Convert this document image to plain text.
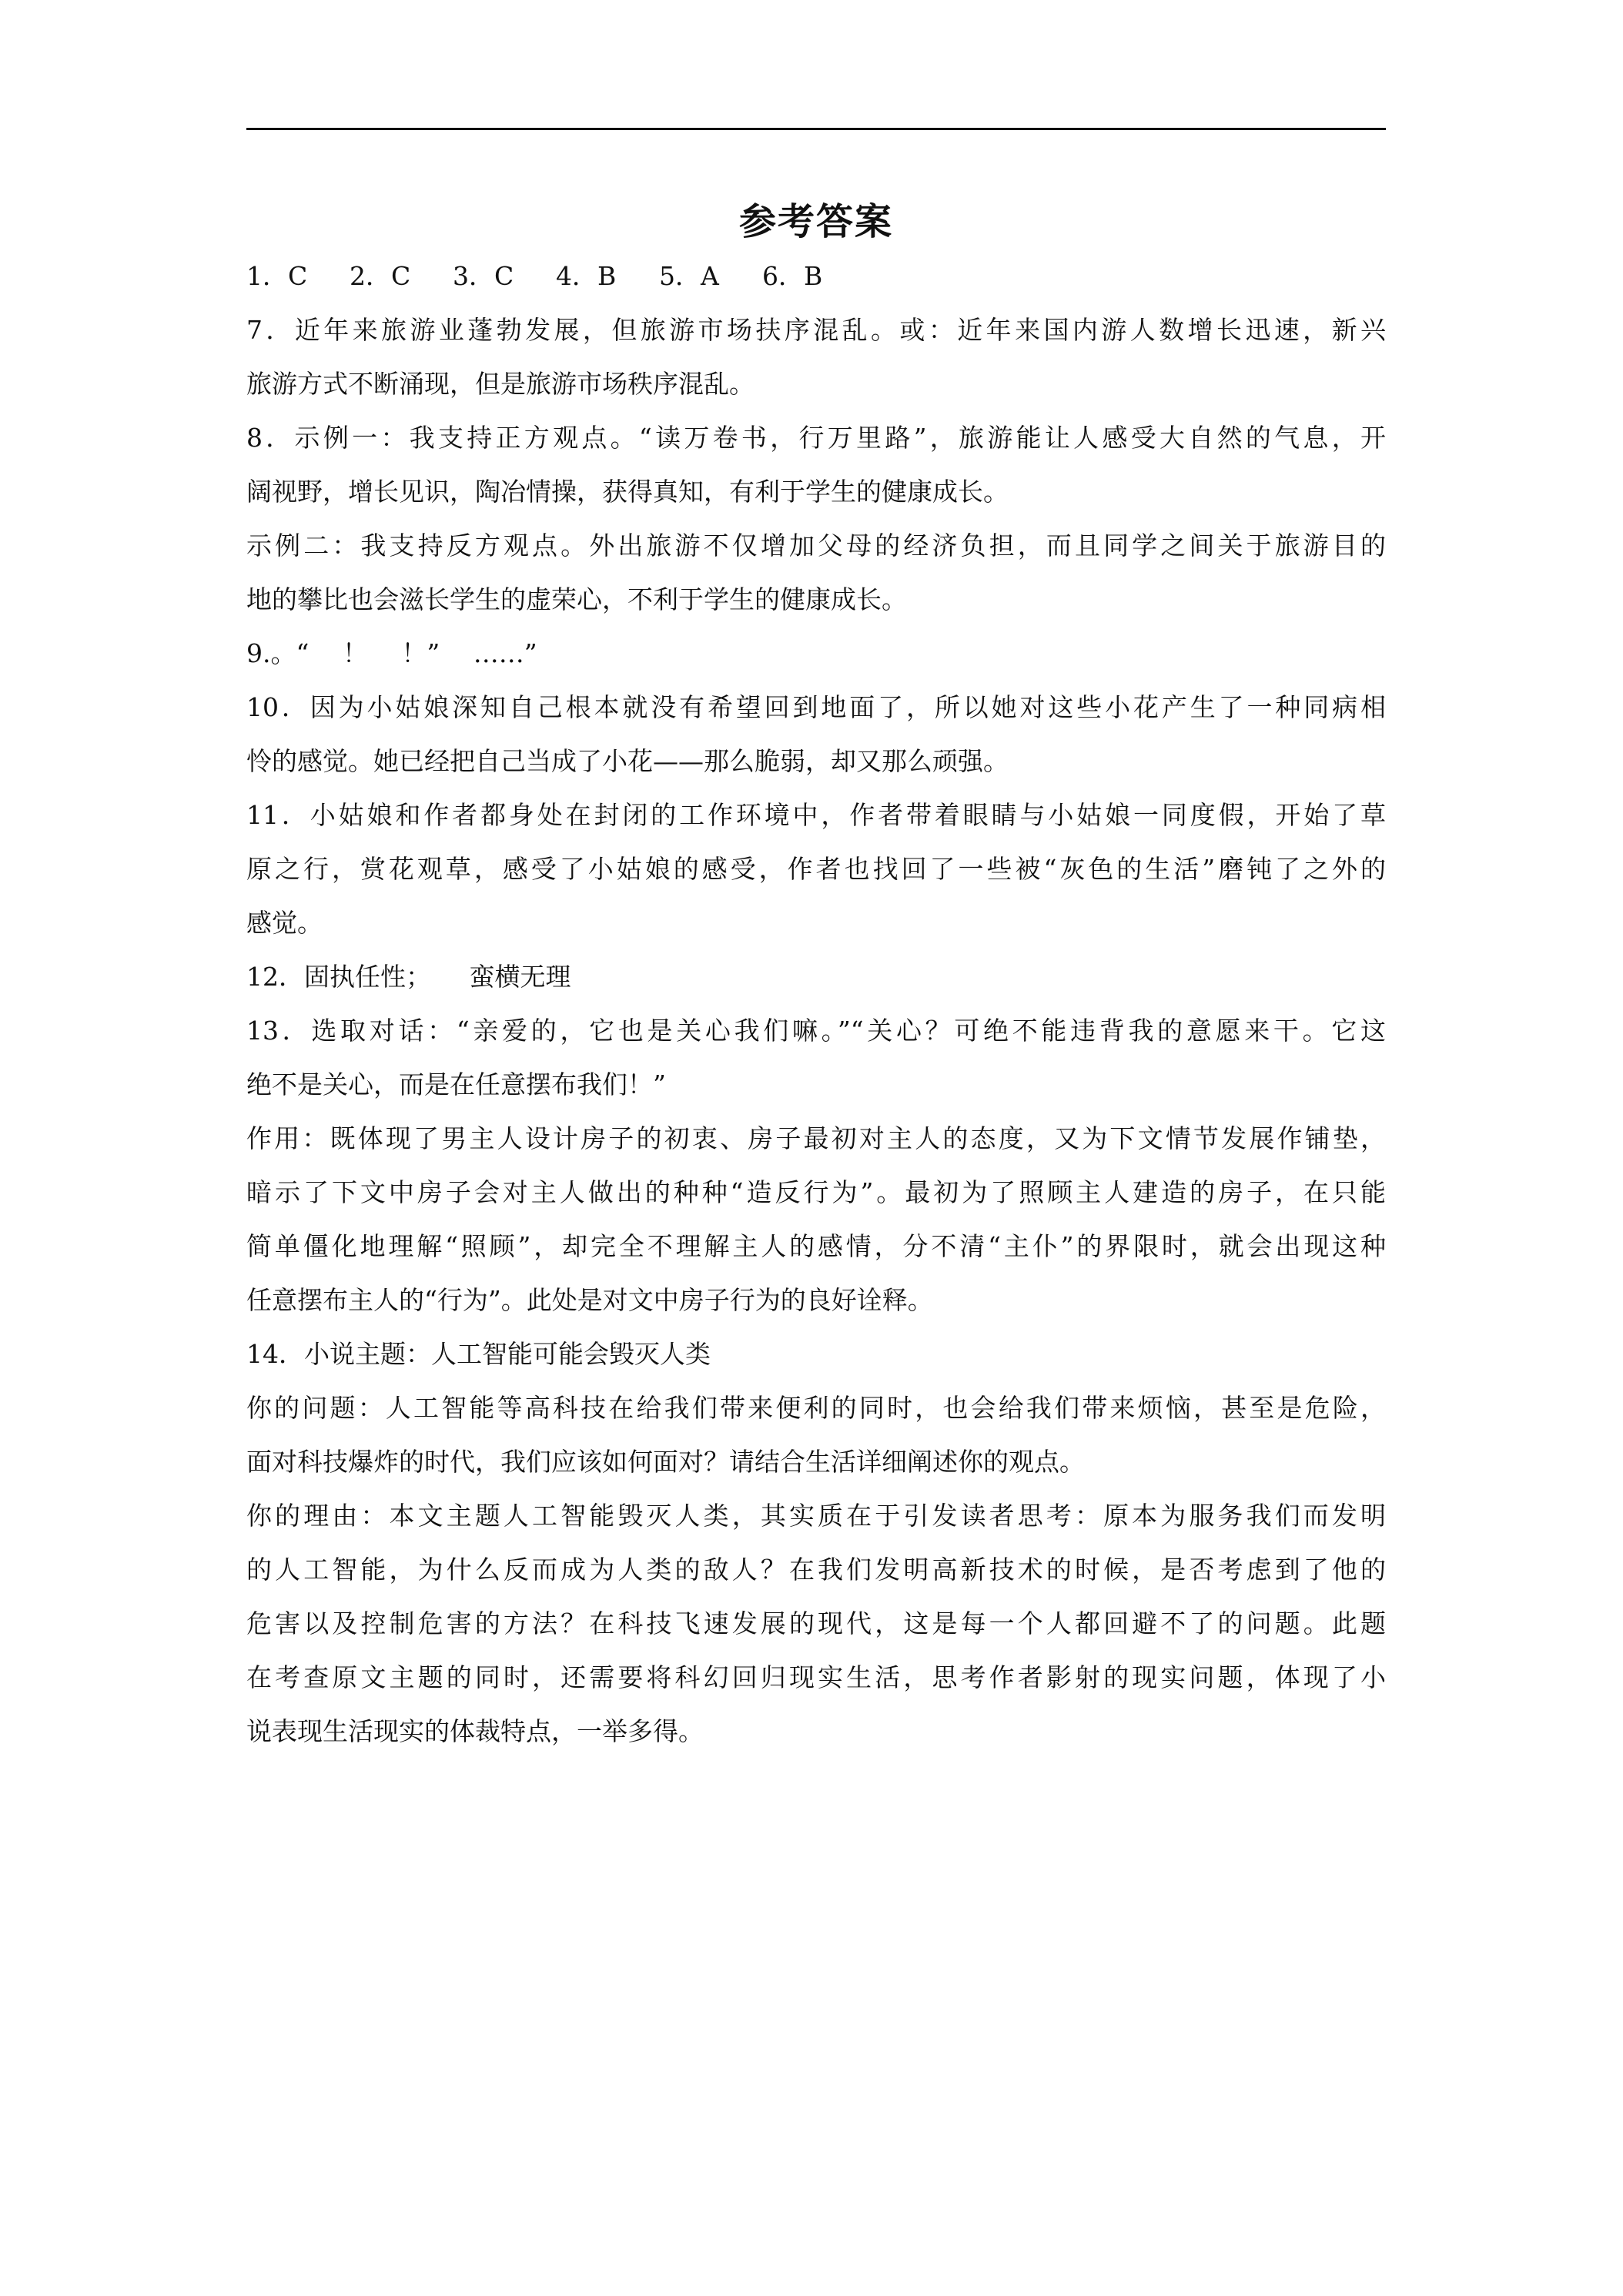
参考答案
1．C	2．C	3．C	4．B	5．A	6．B
7．近年来旅游业蓬勃发展，但旅游市场扶序混乱。或：近年来国内游人数增长迅速，新兴
旅游方式不断涌现，但是旅游市场秩序混乱。
8．示例一：我支持正方观点。“读万卷书，行万里路”，旅游能让人感受大自然的气息，开
阔视野，增长见识，陶冶情操，获得真知，有利于学生的健康成长。
示例二：我支持反方观点。外出旅游不仅增加父母的经济负担，而且同学之间关于旅游目的
地的攀比也会滋长学生的虚荣心，不利于学生的健康成长。
9.。“　 ！　 ！”　 ……”
10．因为小姑娘深知自己根本就没有希望回到地面了，所以她对这些小花产生了一种同病相
怜的感觉。她已经把自己当成了小花——那么脆弱，却又那么顽强。
11．小姑娘和作者都身处在封闭的工作环境中，作者带着眼睛与小姑娘一同度假，开始了草
原之行，赏花观草，感受了小姑娘的感受，作者也找回了一些被“灰色的生活”磨钝了之外的
感觉。
12．固执任性；　　蛮横无理
13．选取对话：“亲爱的，它也是关心我们嘛。”“关心？可绝不能违背我的意愿来干。它这
绝不是关心，而是在任意摆布我们！”
作用：既体现了男主人设计房子的初衷、房子最初对主人的态度，又为下文情节发展作铺垫，
暗示了下文中房子会对主人做出的种种“造反行为”。最初为了照顾主人建造的房子，在只能
简单僵化地理解“照顾”，却完全不理解主人的感情，分不清“主仆”的界限时，就会出现这种
任意摆布主人的“行为”。此处是对文中房子行为的良好诠释。
14．小说主题：人工智能可能会毁灭人类
你的问题：人工智能等高科技在给我们带来便利的同时，也会给我们带来烦恼，甚至是危险，
面对科技爆炸的时代，我们应该如何面对？请结合生活详细阐述你的观点。
你的理由：本文主题人工智能毁灭人类，其实质在于引发读者思考：原本为服务我们而发明
的人工智能，为什么反而成为人类的敌人？在我们发明高新技术的时候，是否考虑到了他的
危害以及控制危害的方法？在科技飞速发展的现代，这是每一个人都回避不了的问题。此题
在考查原文主题的同时，还需要将科幻回归现实生活，思考作者影射的现实问题，体现了小
说表现生活现实的体裁特点，一举多得。
